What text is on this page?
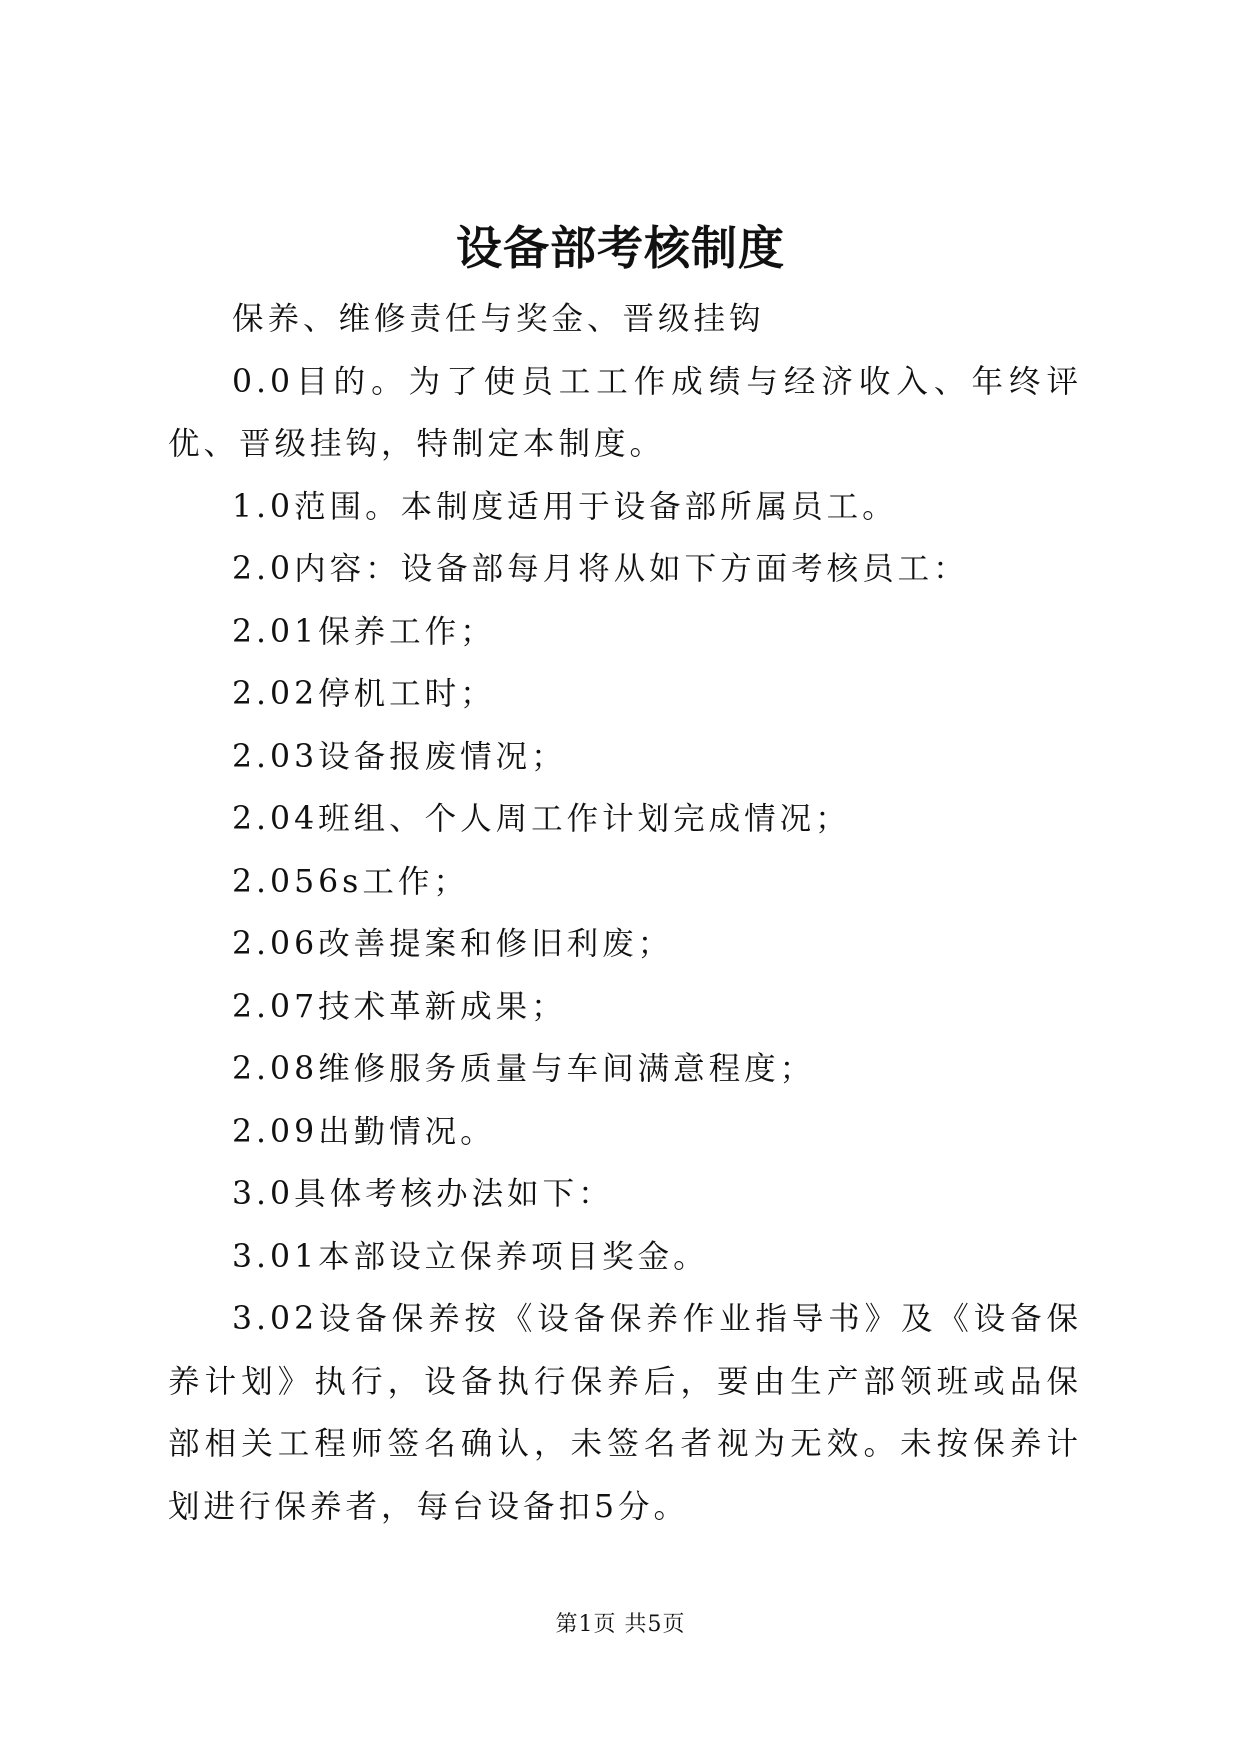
设备部考核制度

保养、维修责任与奖金、晋级挂钩

0.0目的。为了使员工工作成绩与经济收入、年终评优、晋级挂钩，特制定本制度。

1.0范围。本制度适用于设备部所属员工。

2.0内容：设备部每月将从如下方面考核员工：

2.01保养工作；

2.02停机工时；

2.03设备报废情况；

2.04班组、个人周工作计划完成情况；

2.056s工作；

2.06改善提案和修旧利废；

2.07技术革新成果；

2.08维修服务质量与车间满意程度；

2.09出勤情况。

3.0具体考核办法如下：

3.01本部设立保养项目奖金。

3.02设备保养按《设备保养作业指导书》及《设备保养计划》执行，设备执行保养后，要由生产部领班或品保部相关工程师签名确认，未签名者视为无效。未按保养计划进行保养者，每台设备扣5分。

第1页 共5页
